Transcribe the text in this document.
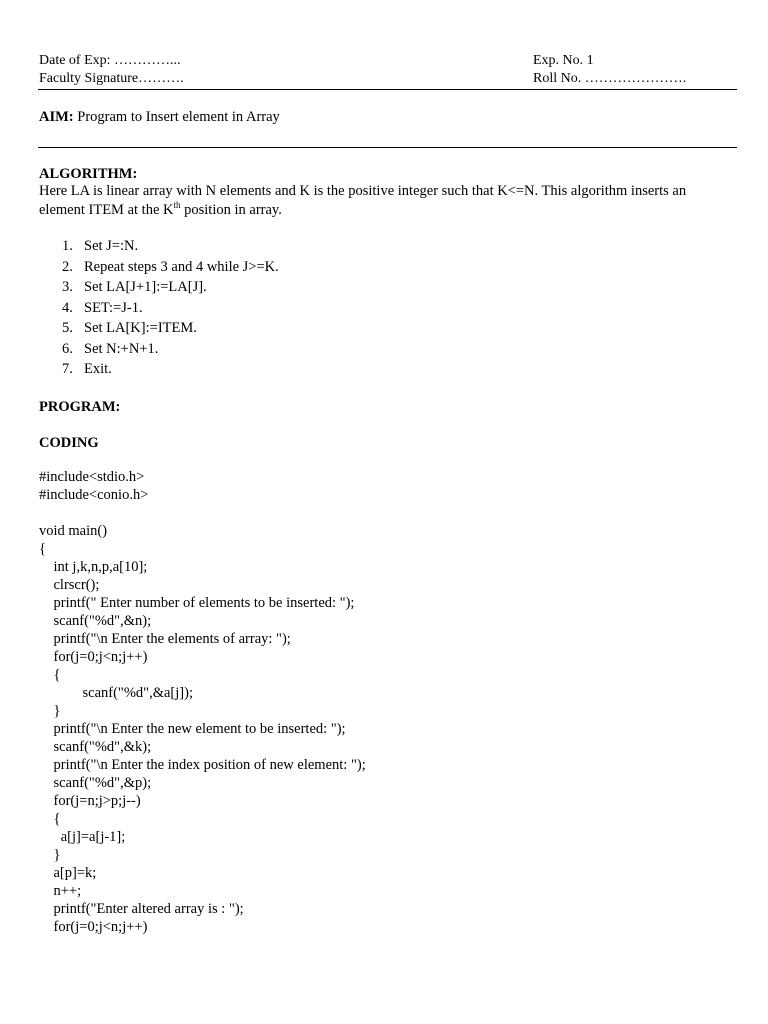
Date of Exp: …………...
Faculty Signature……….
Exp. No. 1
Roll No. ………………….
AIM: Program to Insert element in Array
ALGORITHM:
Here LA is linear array with N elements and K is the positive integer such that K<=N. This algorithm inserts an element ITEM at the $K^{th}$ position in array.
1. Set J=:N.
2. Repeat steps 3 and 4 while J>=K.
3. Set LA[J+1]:=LA[J].
4. SET:=J-1.
5. Set LA[K]:=ITEM.
6. Set N:+N+1.
7. Exit.
PROGRAM:
CODING
#include<stdio.h>
#include<conio.h>
void main()
{
int j,k,n,p,a[10];
clrscr();
printf(" Enter number of elements to be inserted: ");
scanf("%d",&n);
printf("\n Enter the elements of array: ");
for(j=0;j<n;j++)
{
scanf("%d",&a[j]);
}
printf("\n Enter the new element to be inserted: ");
scanf("%d",&k);
printf("\n Enter the index position of new element: ");
scanf("%d",&p);
for(j=n;j>p;j--)
{
a[j]=a[j-1];
}
a[p]=k;
n++;
printf("Enter altered array is : ");
for(j=0;j<n;j++)
